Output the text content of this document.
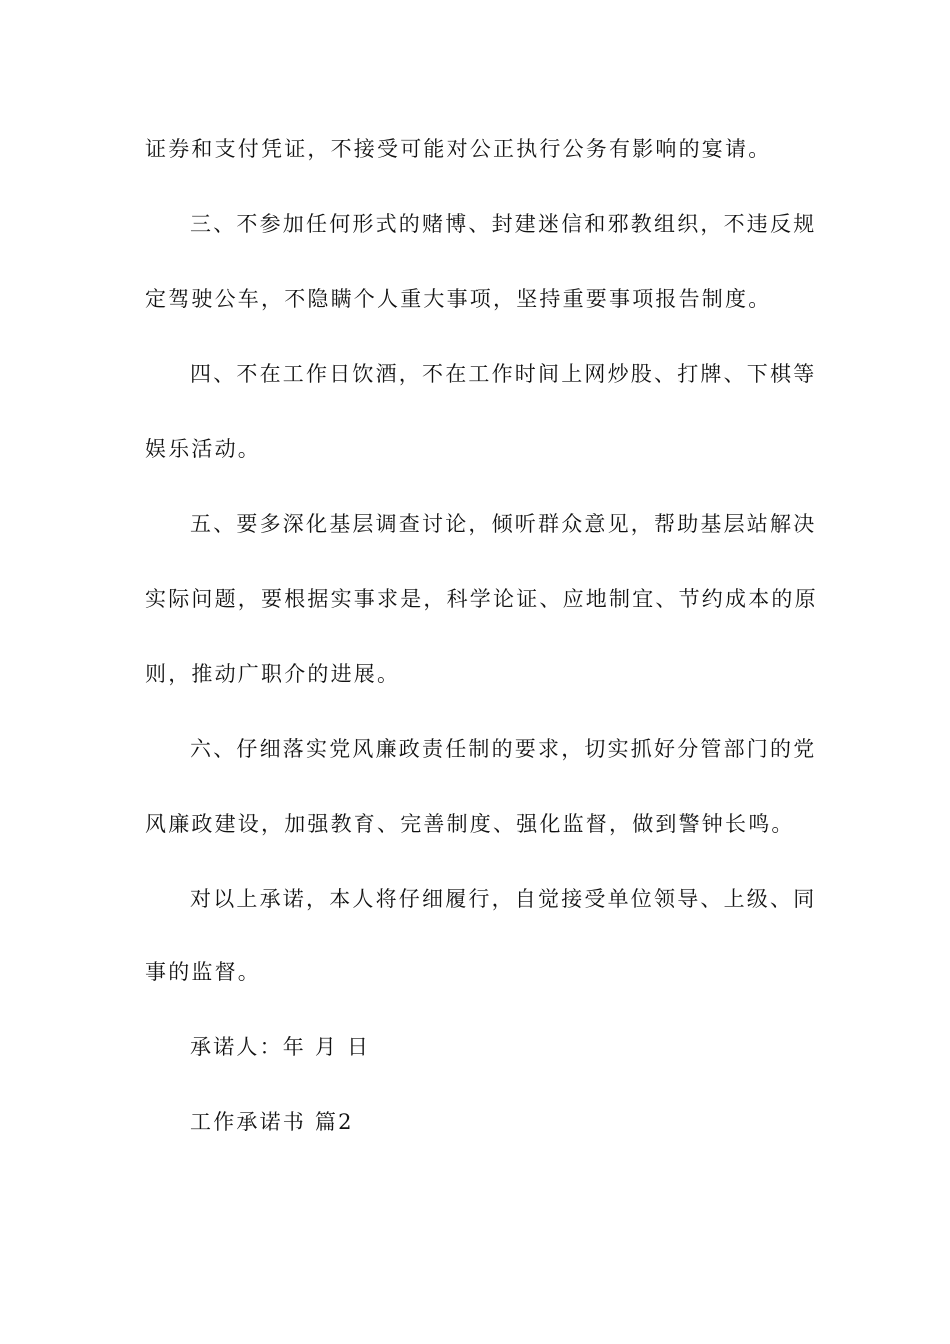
证券和支付凭证，不接受可能对公正执行公务有影响的宴请。
三、不参加任何形式的赌博、封建迷信和邪教组织，不违反规
定驾驶公车，不隐瞒个人重大事项，坚持重要事项报告制度。
四、不在工作日饮酒，不在工作时间上网炒股、打牌、下棋等
娱乐活动。
五、要多深化基层调查讨论，倾听群众意见，帮助基层站解决
实际问题，要根据实事求是，科学论证、应地制宜、节约成本的原
则，推动广职介的进展。
六、仔细落实党风廉政责任制的要求，切实抓好分管部门的党
风廉政建设，加强教育、完善制度、强化监督，做到警钟长鸣。
对以上承诺，本人将仔细履行，自觉接受单位领导、上级、同
事的监督。
承诺人：年 月 日
工作承诺书 篇2
